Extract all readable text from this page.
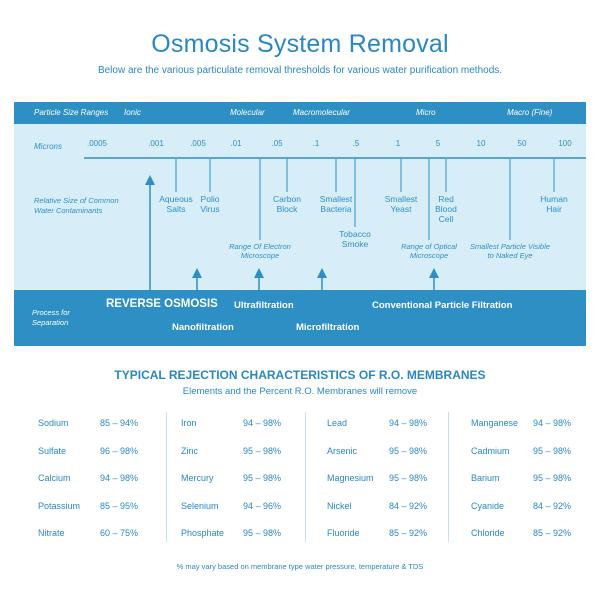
Osmosis System Removal
Below are the various particulate removal thresholds for various water purification methods.
Particle Size Ranges Ionic	Molecular	Macromolecular	Micro	Macro (Fine)
Microns	.0005	.001	.005	.01	.05	.1	.5	1	5	10	50	100
Relative Size of Common Water Contaminants
Aqueous Salts
Polio Virus
Carbon Block
Smallest Bacteria
Tobacco Smoke
Smallest Yeast
Red Blood Cell
Human Hair
Range Of Electron Microscope
Range of Optical Microscope
Smallest Particle Visible to Naked Eye
Process for Separation
REVERSE OSMOSIS
Nanofiltration
Ultrafiltration
Microfiltration
Conventional Particle Filtration
TYPICAL REJECTION CHARACTERISTICS OF R.O. MEMBRANES
Elements and the Percent R.O. Membranes will remove
Sodium	85 – 94%
Sulfate	96 – 98%
Calcium	94 – 98%
Potassium 85 – 95%
Nitrate	60 – 75%
Iron	94 – 98%
Zinc	95 – 98%
Mercury	95 – 98%
Selenium	94 – 96%
Phosphate 95 – 98%
Lead	94 – 98%
Arsenic	95 – 98%
Magnesium 95 – 98%
Nickel	84 – 92%
Fluoride	85 – 92%
Manganese 94 – 98%
Cadmium	95 – 98%
Barium	95 – 98%
Cyanide	84 – 92%
Chloride	85 – 92%
% may vary based on membrane type water pressure, temperature & TDS
